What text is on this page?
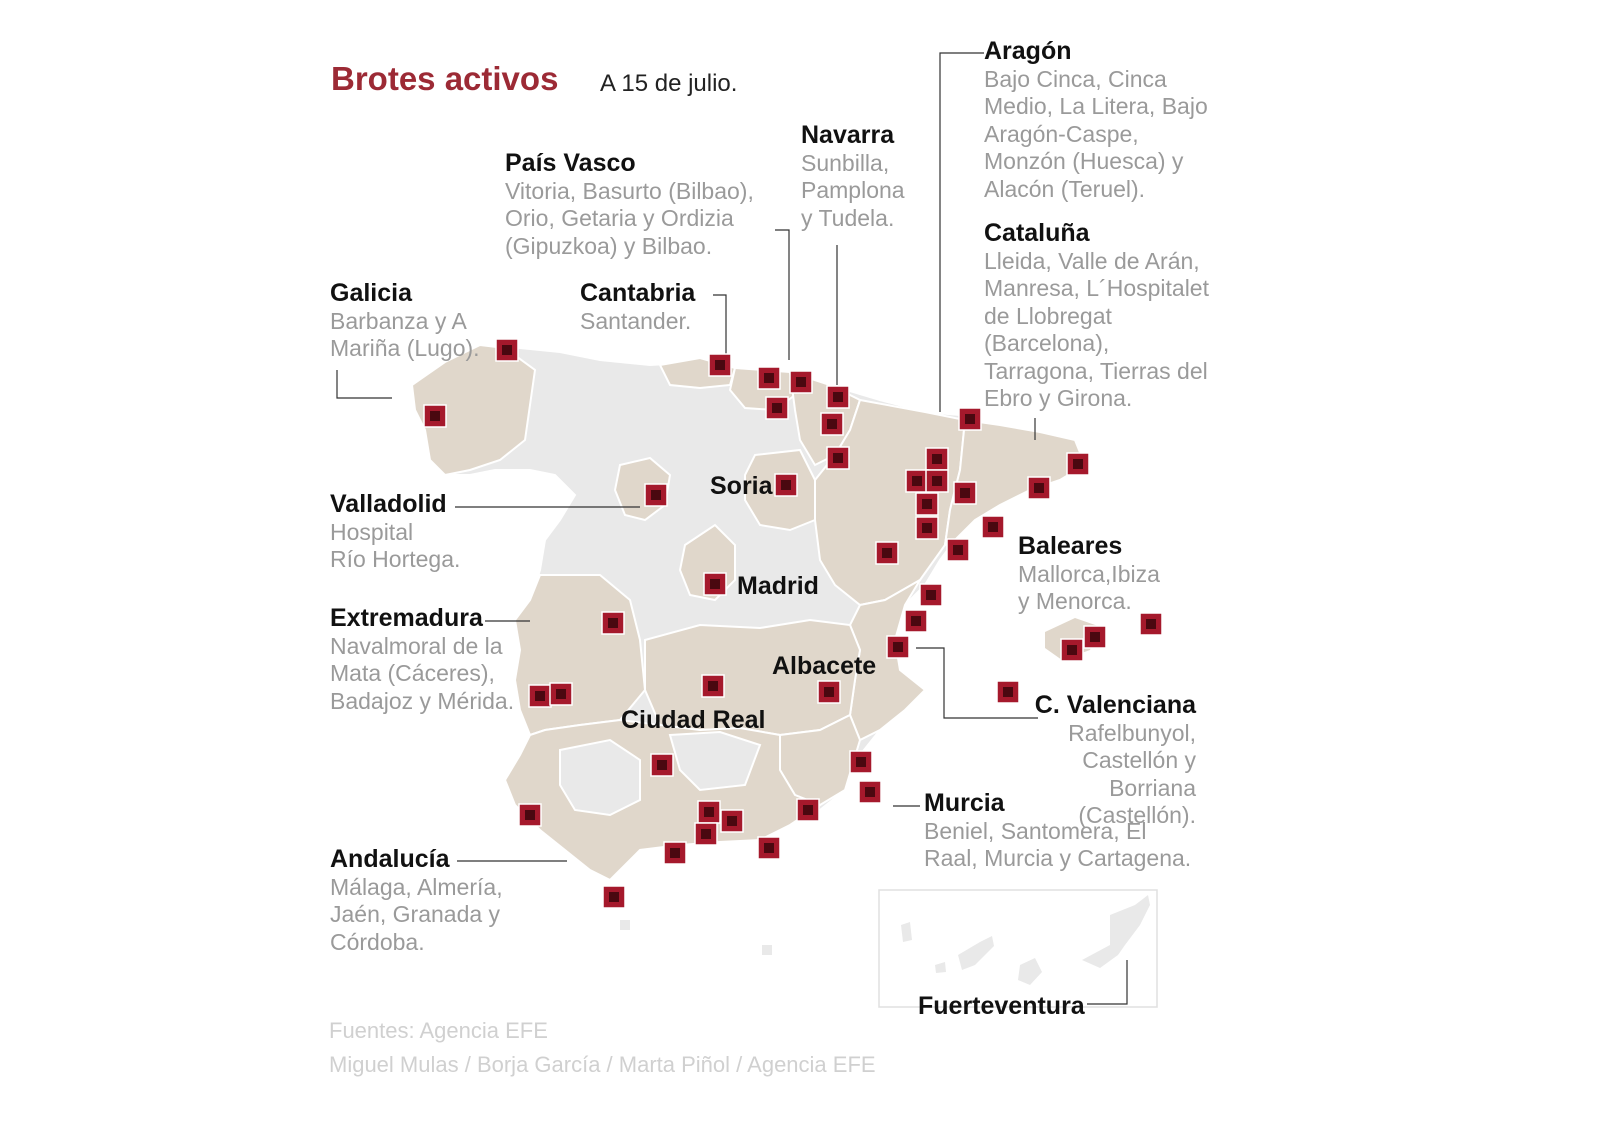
Brotes activos A 15 de julio.
Aragón
Bajo Cinca, Cinca
Medio, La Litera, Bajo
Aragón-Caspe,
Monzón (Huesca) y
Alacón (Teruel).
Navarra
Sunbilla,
Pamplona
y Tudela.
País Vasco
Vitoria, Basurto (Bilbao),
Orio, Getaria y Ordizia
(Gipuzkoa) y Bilbao.
Cantabria
Santander.
Galicia
Barbanza y A
Mariña (Lugo).
Cataluña
Lleida, Valle de Arán,
Manresa, L´Hospitalet
de Llobregat
(Barcelona),
Tarragona, Tierras del
Ebro y Girona.
Valladolid
Hospital
Río Hortega.	Baleares
Mallorca,Ibiza
y Menorca.
Extremadura
Navalmoral de la
Mata (Cáceres),
Badajoz y Mérida.	C. Valenciana
Rafelbunyol,
Castellón y Borriana
(Castellón).
Murcia
Beniel, Santomera, El
Raal, Murcia y Cartagena.
Andalucía
Málaga, Almería,
Jaén, Granada y
Córdoba.
Soria
Madrid
Albacete
Ciudad Real
Fuerteventura
Fuentes: Agencia EFE
Miguel Mulas / Borja García / Marta Piñol / Agencia EFE
